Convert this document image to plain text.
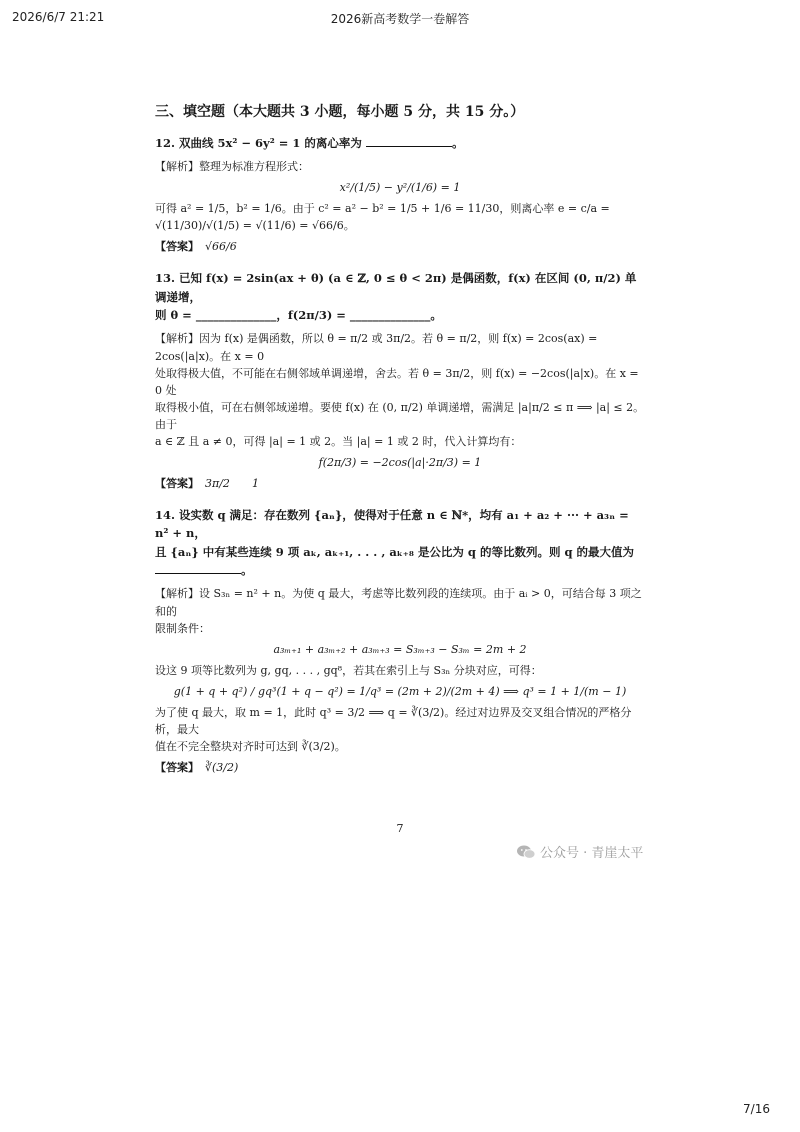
2026/6/7 21:21	2026新高考数学一卷解答
三、填空题（本大题共 3 小题，每小题 5 分，共 15 分。）

12. 双曲线 5x² − 6y² = 1 的离心率为	。

【解析】整理为标准方程形式：

x²/(1/5) − y²/(1/6) = 1

可得 a² = 1/5，b² = 1/6。由于 c² = a² − b² = 1/5 + 1/6 = 11/30，则离心率 e = c/a = √(11/30)/√(1/5) = √(11/6) = √66/6。

【答案】 √66/6

13. 已知 f(x) = 2sin(ax + θ) (a ∈ ℤ, 0 ≤ θ < 2π) 是偶函数，f(x) 在区间 (0, π/2) 单调递增，

则 θ = ______________，f(2π/3) = ______________。

【解析】因为 f(x) 是偶函数，所以 θ = π/2 或 3π/2。若 θ = π/2，则 f(x) = 2cos(ax) = 2cos(|a|x)。在 x = 0

处取得极大值，不可能在右侧邻域单调递增，舍去。若 θ = 3π/2，则 f(x) = −2cos(|a|x)。在 x = 0 处

取得极小值，可在右侧邻域递增。要使 f(x) 在 (0, π/2) 单调递增，需满足 |a|π/2 ≤ π ⟹ |a| ≤ 2。由于

a ∈ ℤ 且 a ≠ 0，可得 |a| = 1 或 2。当 |a| = 1 或 2 时，代入计算均有：

f(2π/3) = −2cos(|a|·2π/3) = 1

【答案】 3π/2 1

14. 设实数 q 满足：存在数列 {aₙ}，使得对于任意 n ∈ ℕ*，均有 a₁ + a₂ + ··· + a₃ₙ = n² + n，

且 {aₙ} 中有某些连续 9 项 aₖ, aₖ₊₁, . . . , aₖ₊₈ 是公比为 q 的等比数列。则 q 的最大值为

。

【解析】设 S₃ₙ = n² + n。为使 q 最大，考虑等比数列段的连续项。由于 aᵢ > 0，可结合每 3 项之和的

限制条件：

a₃ₘ₊₁ + a₃ₘ₊₂ + a₃ₘ₊₃ = S₃ₘ₊₃ − S₃ₘ = 2m + 2

设这 9 项等比数列为 g, gq, . . . , gq⁸，若其在索引上与 S₃ₙ 分块对应，可得：

g(1 + q + q²) / gq³(1 + q − q²) = 1/q³ = (2m + 2)/(2m + 4) ⟹ q³ = 1 + 1/(m − 1)

为了使 q 最大，取 m = 1，此时 q³ = 3/2 ⟹ q = ∛(3/2)。经过对边界及交叉组合情况的严格分析，最大

值在不完全整块对齐时可达到 ∛(3/2)。

【答案】 ∛(3/2)
7
公众号 · 青崖太平
7/16
